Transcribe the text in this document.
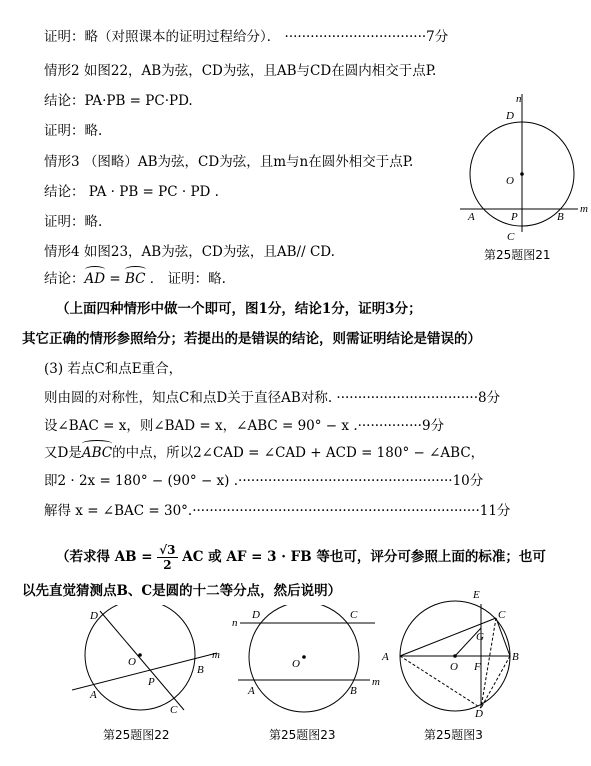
证明：略（对照课本的证明过程给分）． ·································7分
情形2 如图22，AB为弦，CD为弦，且AB与CD在圆内相交于点P.
结论：PA·PB = PC·PD.
证明：略.
情形3 （图略）AB为弦，CD为弦，且m与n在圆外相交于点P.
结论： PA · PB = PC · PD .
证明：略.
情形4 如图23，AB为弦，CD为弦，且AB// CD.
结论：AD = BC ． 证明：略.
（上面四种情形中做一个即可，图1分，结论1分，证明3分；
其它正确的情形参照给分；若提出的是错误的结论，则需证明结论是错误的）
(3) 若点C和点E重合，
则由圆的对称性，知点C和点D关于直径AB对称. ·································8分
设∠BAC = x，则∠BAD = x，∠ABC = 90° − x .···············9分
又D是ABC的中点，所以2∠CAD = ∠CAD + ACD = 180° − ∠ABC，
即2 · 2x = 180° − (90° − x) .··················································10分
解得 x = ∠BAC = 30°.···································································11分
（若求得 AB = $\frac{√3}{2}$ AC 或 AF = 3 · FB 等也可，评分可参照上面的标准；也可
以先直觉猜测点B、C是圆的十二等分点，然后说明）
n
D
O
A	P	B
m
C
第25题图21
D
m
O
B
A
P
C
第25题图22
n
D	C
O
A	B
m
第25题图23
E
C
G
A
O F
B
D
第25题图3
